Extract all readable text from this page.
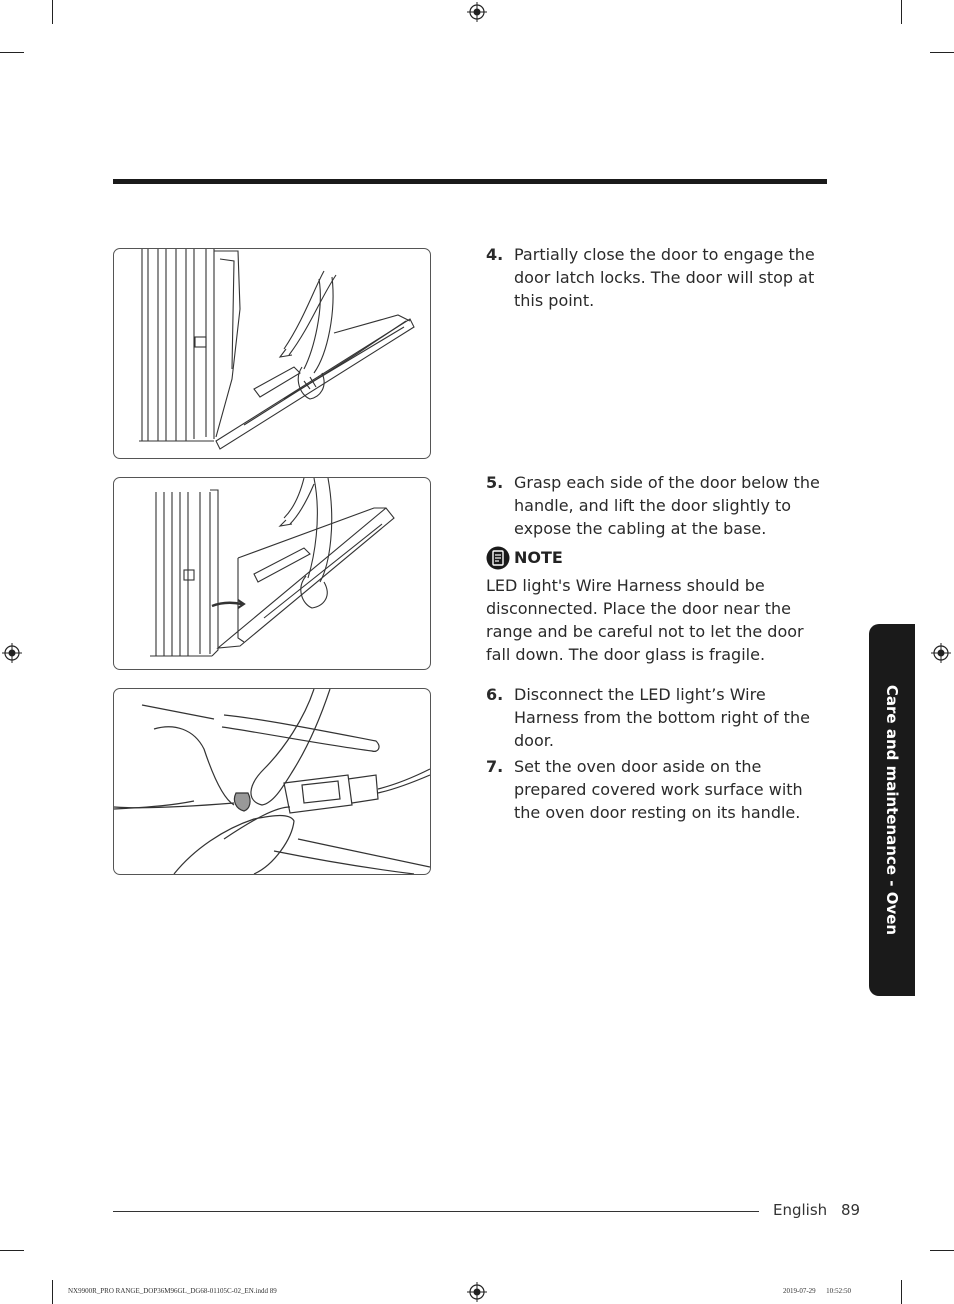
4. Partially close the door to engage the door latch locks. The door will stop at this point.
5. Grasp each side of the door below the handle, and lift the door slightly to expose the cabling at the base.
NOTE
LED light's Wire Harness should be disconnected. Place the door near the range and be careful not to let the door fall down. The door glass is fragile.
6. Disconnect the LED light’s Wire Harness from the bottom right of the door.
7. Set the oven door aside on the prepared covered work surface with the oven door resting on its handle.	Care and maintenance - Oven
English 89
NX9900R_PRO RANGE_DOP36M96GL_DG68-01105C-02_EN.indd 89	2019-07-29   10:52:50
